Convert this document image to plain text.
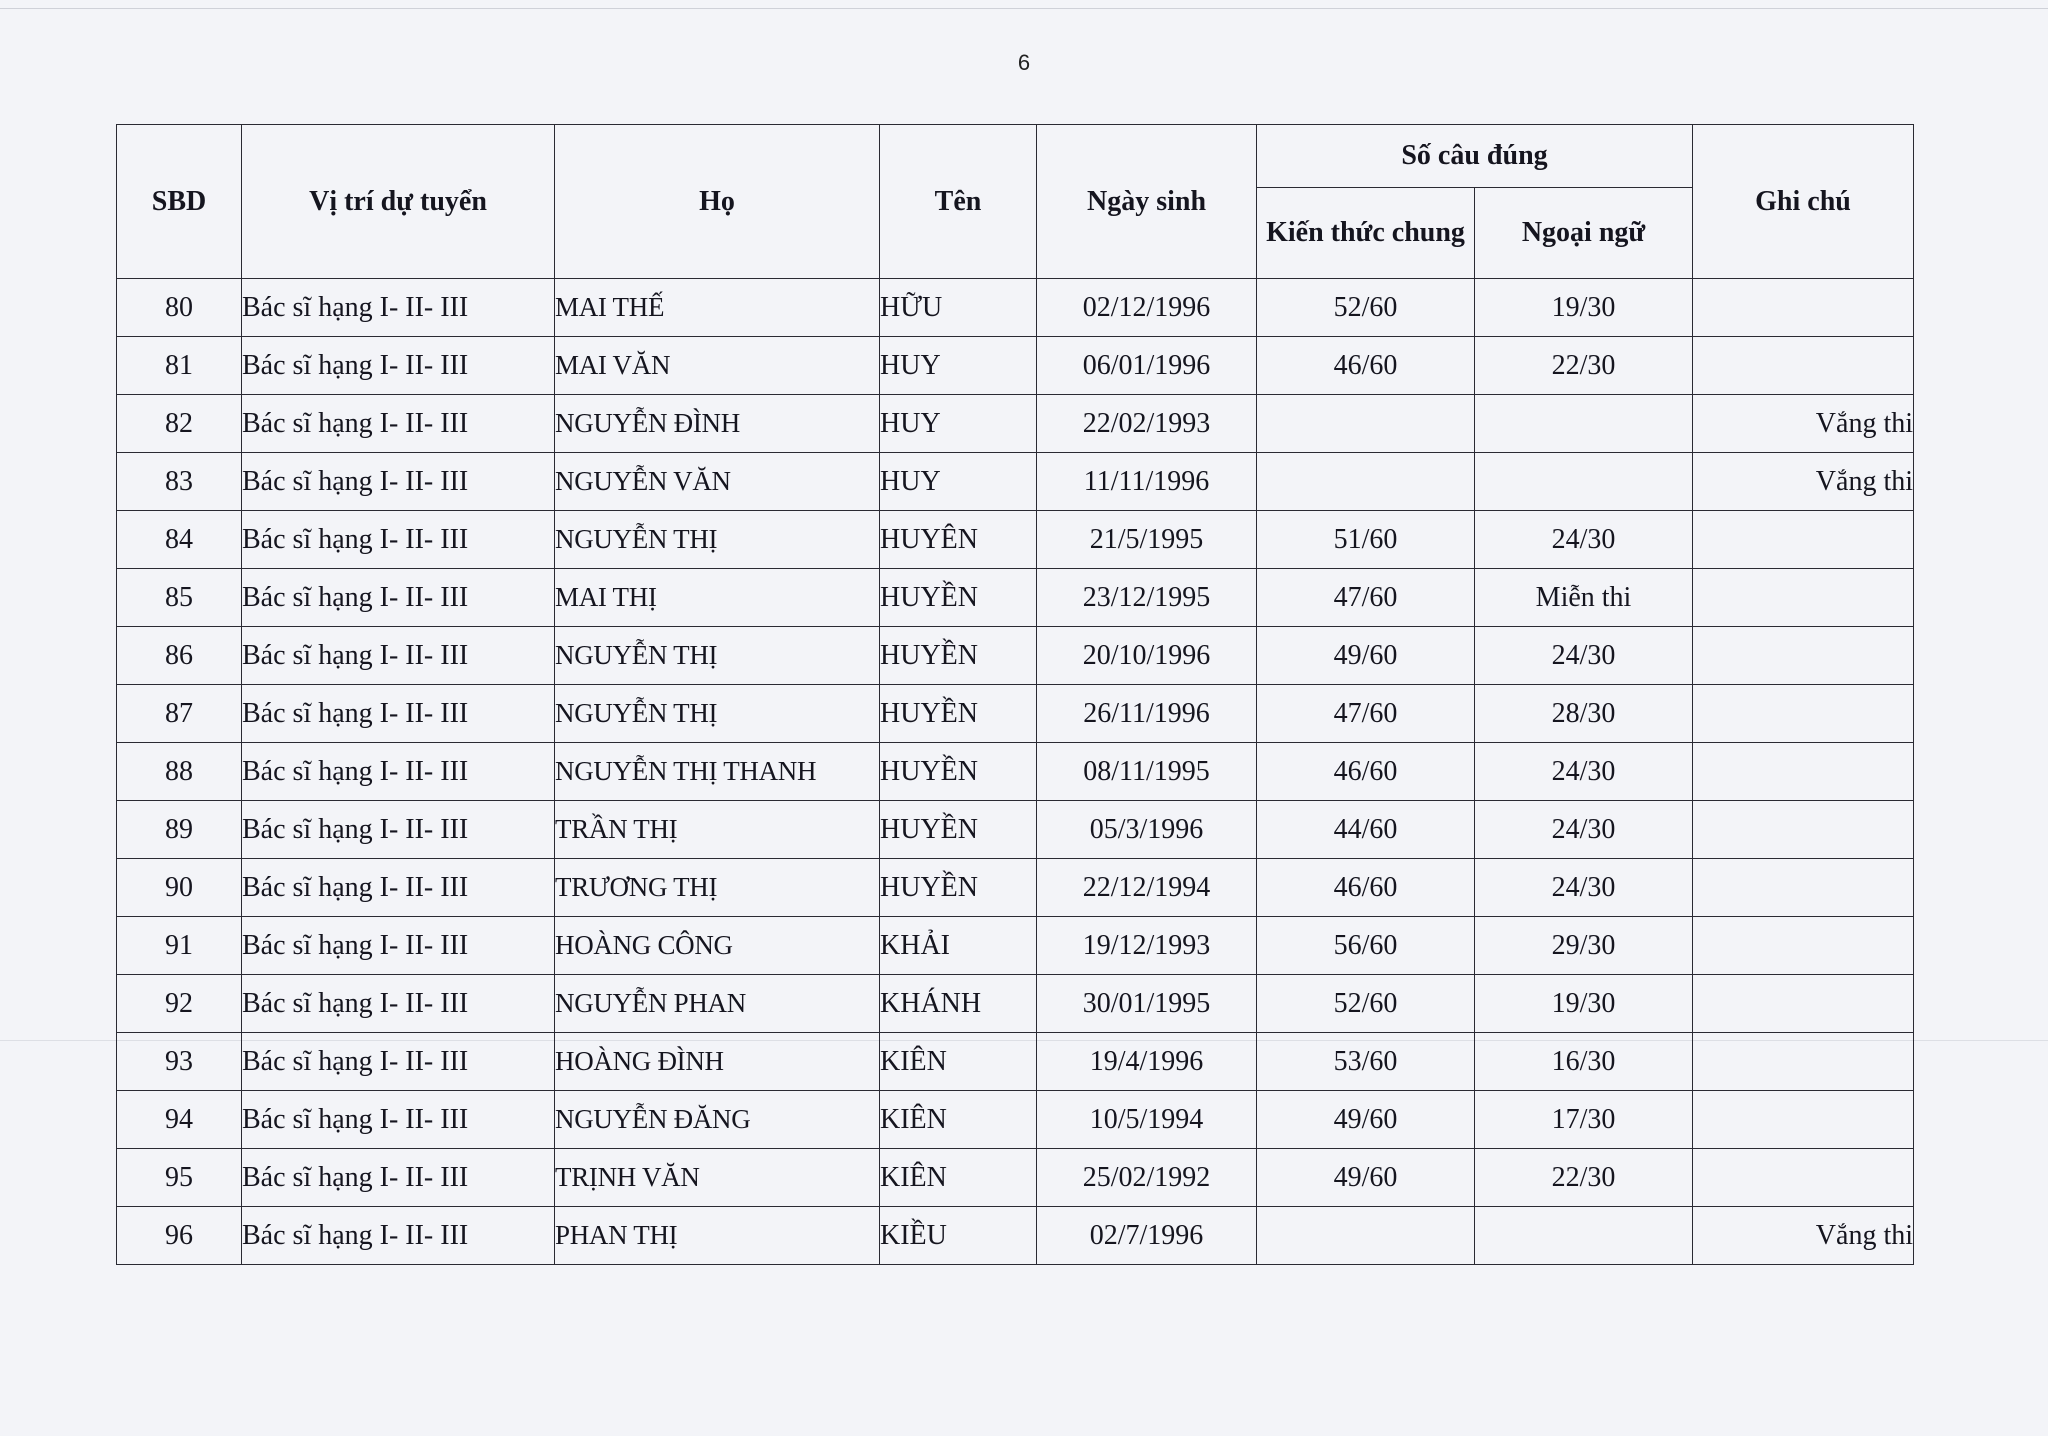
6
SBD	Vị trí dự tuyển	Họ	Tên	Ngày sinh	Số câu đúng		Ghi chú
					Kiến thức chung	Ngoại ngữ	
80	Bác sĩ hạng I- II- III	MAI THẾ	HỮU	02/12/1996	52/60	19/30	
81	Bác sĩ hạng I- II- III	MAI VĂN	HUY	06/01/1996	46/60	22/30	
82	Bác sĩ hạng I- II- III	NGUYỄN ĐÌNH	HUY	22/02/1993			Vắng thi
83	Bác sĩ hạng I- II- III	NGUYỄN VĂN	HUY	11/11/1996			Vắng thi
84	Bác sĩ hạng I- II- III	NGUYỄN THỊ	HUYÊN	21/5/1995	51/60	24/30	
85	Bác sĩ hạng I- II- III	MAI THỊ	HUYỀN	23/12/1995	47/60	Miễn thi	
86	Bác sĩ hạng I- II- III	NGUYỄN THỊ	HUYỀN	20/10/1996	49/60	24/30	
87	Bác sĩ hạng I- II- III	NGUYỄN THỊ	HUYỀN	26/11/1996	47/60	28/30	
88	Bác sĩ hạng I- II- III	NGUYỄN THỊ THANH	HUYỀN	08/11/1995	46/60	24/30	
89	Bác sĩ hạng I- II- III	TRẦN THỊ	HUYỀN	05/3/1996	44/60	24/30	
90	Bác sĩ hạng I- II- III	TRƯƠNG THỊ	HUYỀN	22/12/1994	46/60	24/30	
91	Bác sĩ hạng I- II- III	HOÀNG CÔNG	KHẢI	19/12/1993	56/60	29/30	
92	Bác sĩ hạng I- II- III	NGUYỄN PHAN	KHÁNH	30/01/1995	52/60	19/30	
93	Bác sĩ hạng I- II- III	HOÀNG ĐÌNH	KIÊN	19/4/1996	53/60	16/30	
94	Bác sĩ hạng I- II- III	NGUYỄN ĐĂNG	KIÊN	10/5/1994	49/60	17/30	
95	Bác sĩ hạng I- II- III	TRỊNH VĂN	KIÊN	25/02/1992	49/60	22/30	
96	Bác sĩ hạng I- II- III	PHAN THỊ	KIỀU	02/7/1996			Vắng thi
